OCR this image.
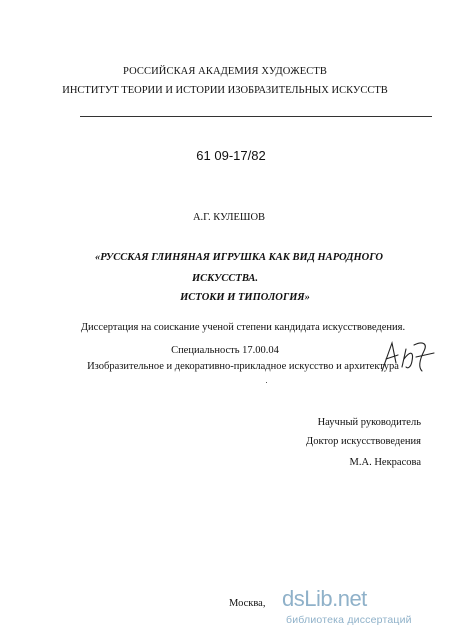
РОССИЙСКАЯ АКАДЕМИЯ ХУДОЖЕСТВ
ИНСТИТУТ ТЕОРИИ И ИСТОРИИ ИЗОБРАЗИТЕЛЬНЫХ ИСКУССТВ
61 09-17/82
А.Г. КУЛЕШОВ
«РУССКАЯ ГЛИНЯНАЯ ИГРУШКА КАК ВИД НАРОДНОГО
ИСКУССТВА.
ИСТОКИ И ТИПОЛОГИЯ»
Диссертация на соискание ученой степени кандидата искусствоведения.
Специальность 17.00.04
Изобразительное и декоративно-прикладное искусство и архитектура
Научный руководитель
Доктор искусствоведения
М.А. Некрасова
Москва, dsLib.net
библиотека диссертаций
